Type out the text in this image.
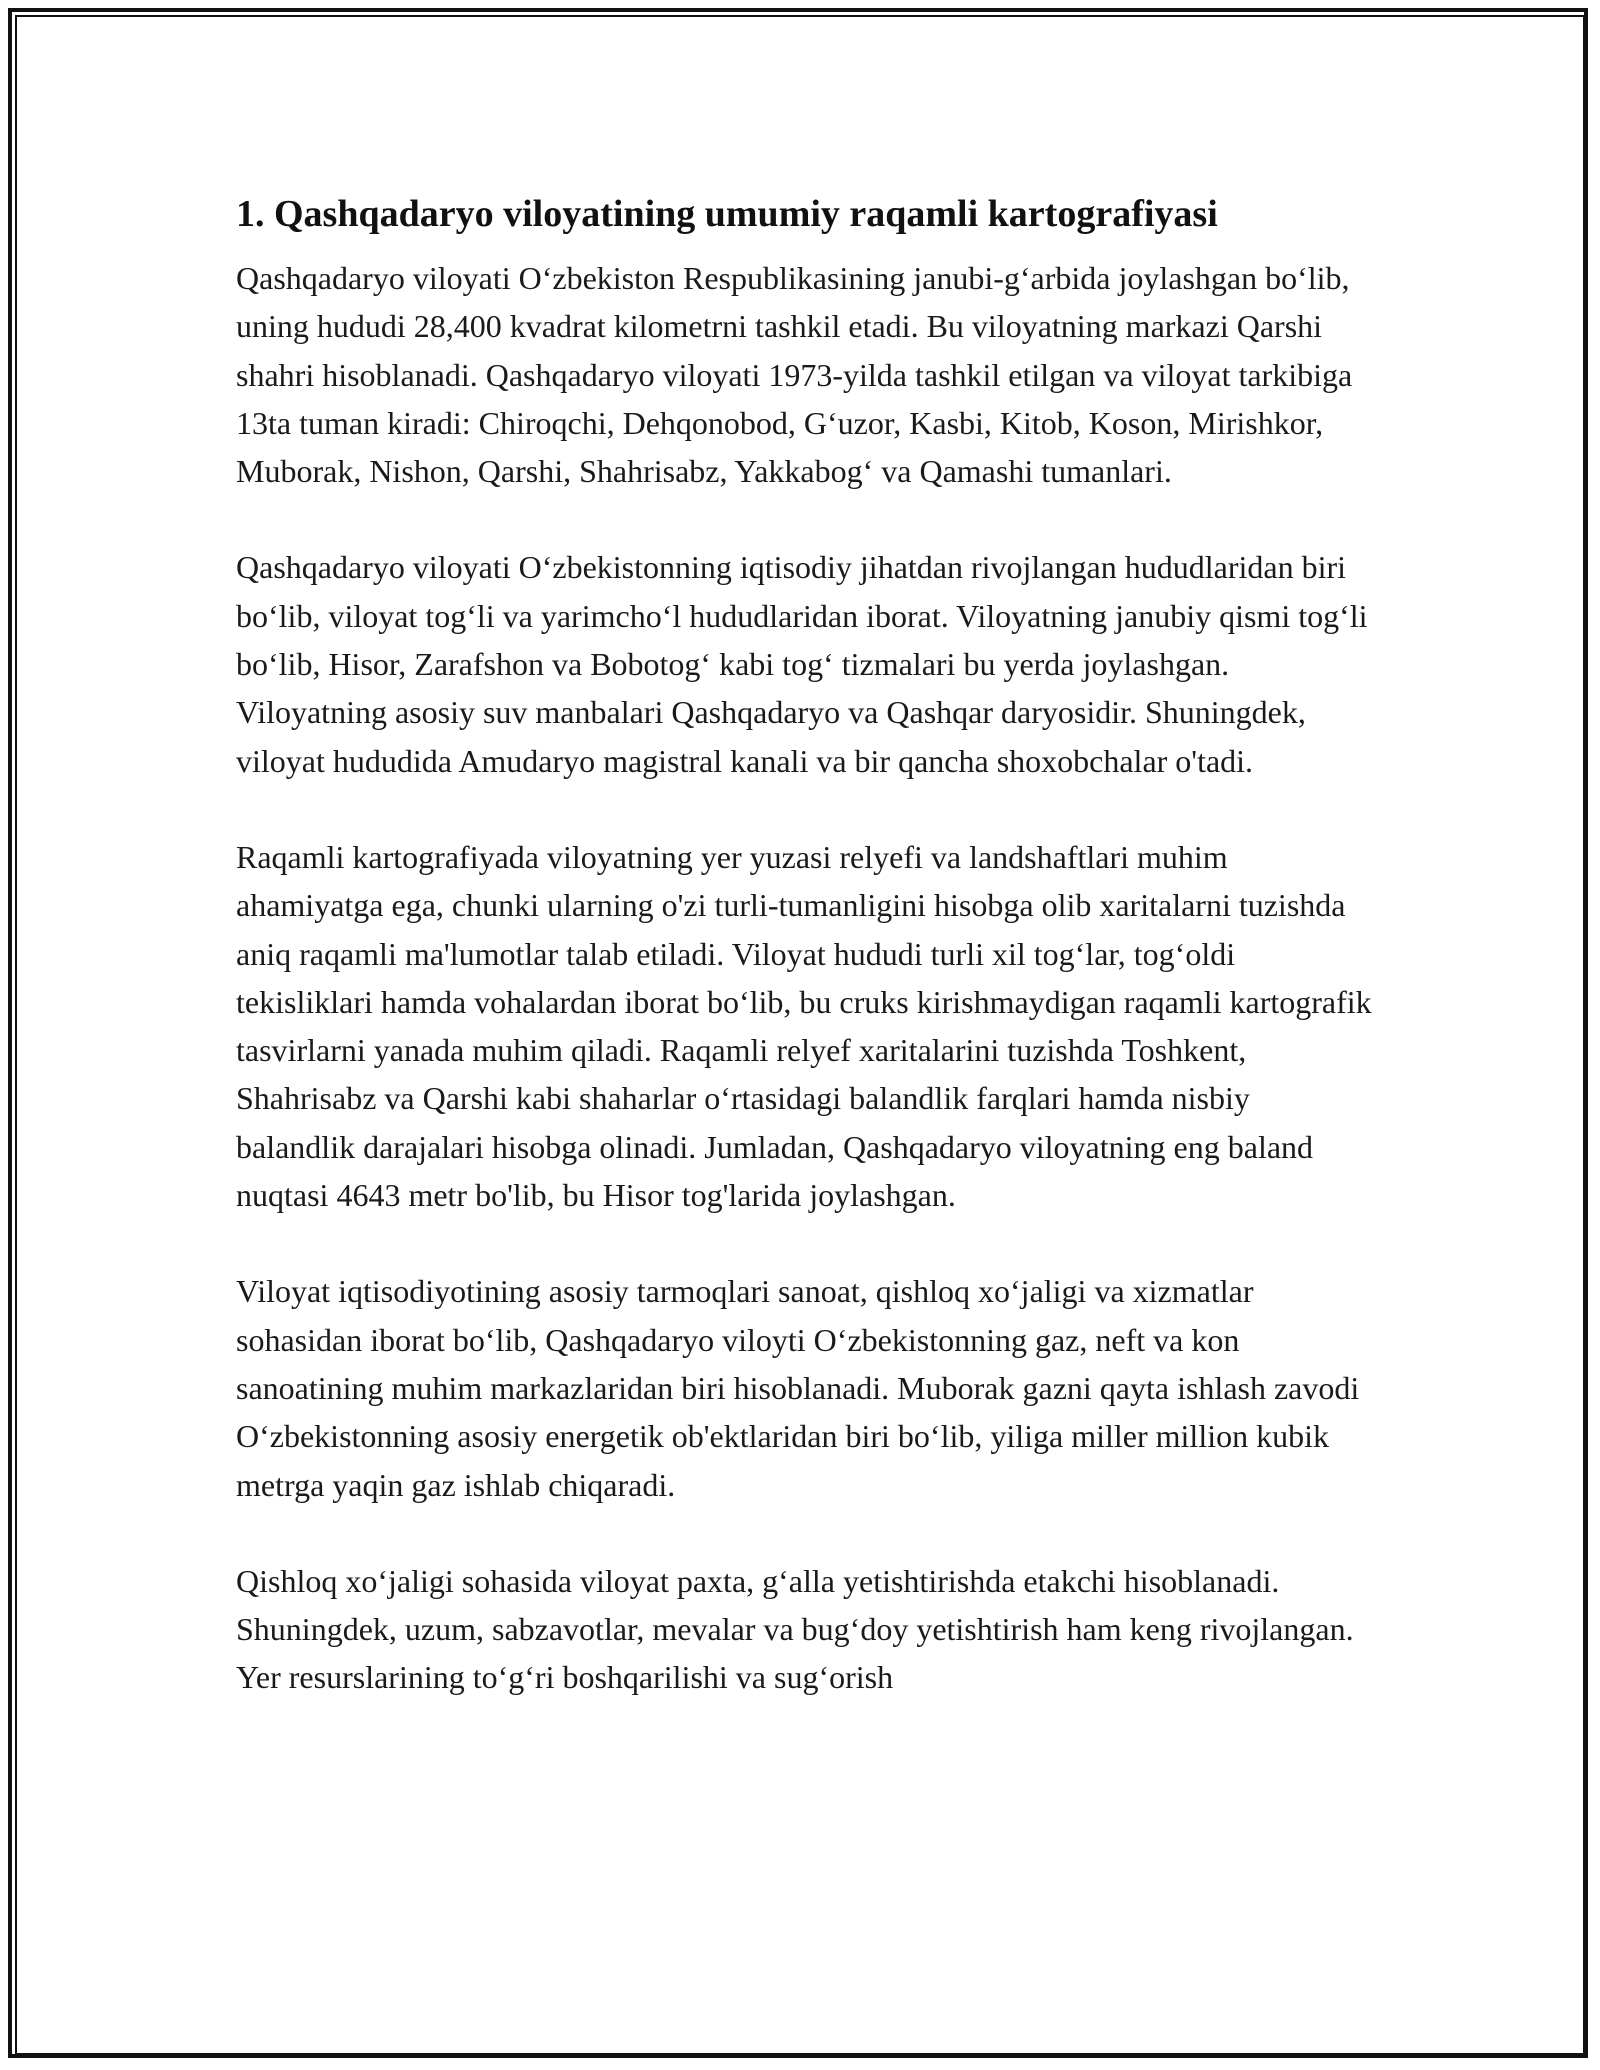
1. Qashqadaryo viloyatining umumiy raqamli kartografiyasi

Qashqadaryo viloyati O‘zbekiston Respublikasining janubi-g‘arbida joylashgan bo‘lib, uning hududi 28,400 kvadrat kilometrni tashkil etadi. Bu viloyatning markazi Qarshi shahri hisoblanadi. Qashqadaryo viloyati 1973-yilda tashkil etilgan va viloyat tarkibiga 13ta tuman kiradi: Chiroqchi, Dehqonobod, G‘uzor, Kasbi, Kitob, Koson, Mirishkor, Muborak, Nishon, Qarshi, Shahrisabz, Yakkabog‘ va Qamashi tumanlari.

Qashqadaryo viloyati O‘zbekistonning iqtisodiy jihatdan rivojlangan hududlaridan biri bo‘lib, viloyat tog‘li va yarimcho‘l hududlaridan iborat. Viloyatning janubiy qismi tog‘li bo‘lib, Hisor, Zarafshon va Bobotog‘ kabi tog‘ tizmalari bu yerda joylashgan. Viloyatning asosiy suv manbalari Qashqadaryo va Qashqar daryosidir. Shuningdek, viloyat hududida Amudaryo magistral kanali va bir qancha shoxobchalar o'tadi.

Raqamli kartografiyada viloyatning yer yuzasi relyefi va landshaftlari muhim ahamiyatga ega, chunki ularning o'zi turli-tumanligini hisobga olib xaritalarni tuzishda aniq raqamli ma'lumotlar talab etiladi. Viloyat hududi turli xil tog‘lar, tog‘oldi tekisliklari hamda vohalardan iborat bo‘lib, bu cruks kirishmaydigan raqamli kartografik tasvirlarni yanada muhim qiladi. Raqamli relyef xaritalarini tuzishda Toshkent, Shahrisabz va Qarshi kabi shaharlar o‘rtasidagi balandlik farqlari hamda nisbiy balandlik darajalari hisobga olinadi. Jumladan, Qashqadaryo viloyatning eng baland nuqtasi 4643 metr bo'lib, bu Hisor tog'larida joylashgan.

Viloyat iqtisodiyotining asosiy tarmoqlari sanoat, qishloq xo‘jaligi va xizmatlar sohasidan iborat bo‘lib, Qashqadaryo viloyti O‘zbekistonning gaz, neft va kon sanoatining muhim markazlaridan biri hisoblanadi. Muborak gazni qayta ishlash zavodi O‘zbekistonning asosiy energetik ob'ektlaridan biri bo‘lib, yiligа miller million kubik metrga yaqin gaz ishlab chiqaradi.

Qishloq xo‘jaligi sohasida viloyat paxta, g‘alla yetishtirishda etakchi hisoblanadi. Shuningdek, uzum, sabzavotlar, mevalar va bug‘doy yetishtirish ham keng rivojlangan. Yer resurslarining to‘g‘ri boshqarilishi va sug‘orish
